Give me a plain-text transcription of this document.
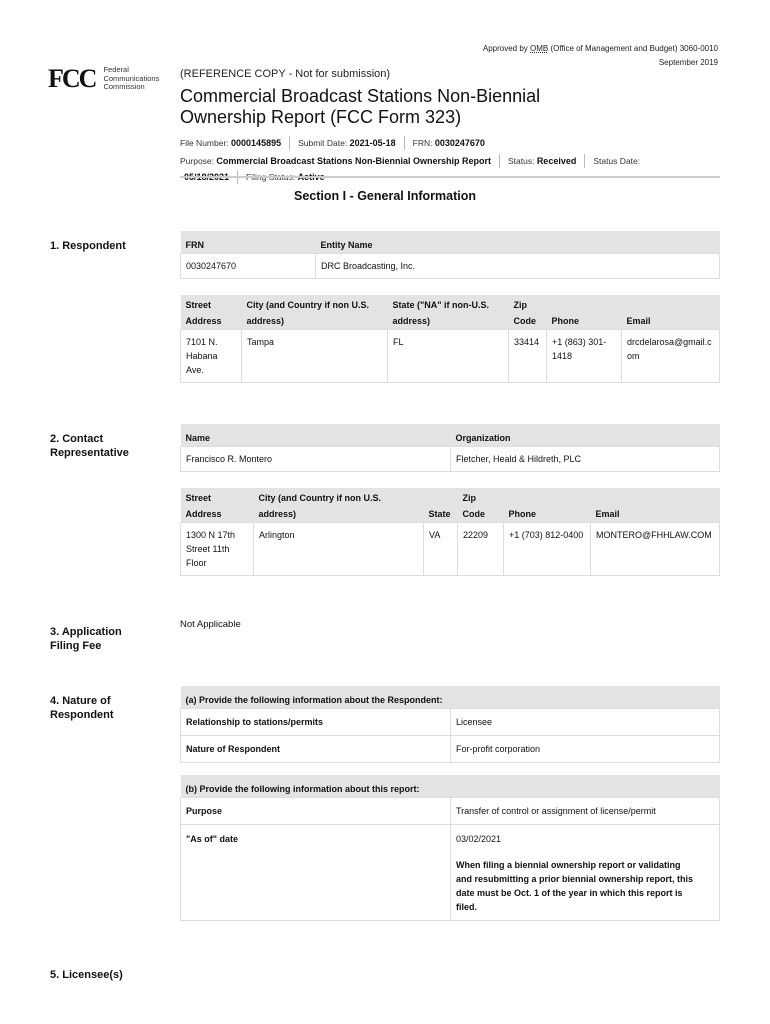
Approved by OMB (Office of Management and Budget) 3060-0010
September 2019
FCC Federal
Communications
Commission
(REFERENCE COPY - Not for submission)
Commercial Broadcast Stations Non-Biennial
Ownership Report (FCC Form 323)
File Number: 0000145895	Submit Date: 2021-05-18	FRN: 0030247670
Purpose: Commercial Broadcast Stations Non-Biennial Ownership Report	Status: Received	Status Date:
Section I - General Information
1. Respondent	FRN	Entity Name
0030247670	DRC Broadcasting, Inc.
Street Address	City (and Country if non U.S. address)	State ("NA" if non-U.S. address)	Zip Code	Phone	Email
7101 N. Habana Ave.	Tampa	FL	33414	+1 (863) 301-1418	drcdelarosa@gmail.com
2. Contact
Representative
Name	Organization
Francisco R. Montero	Fletcher, Heald & Hildreth, PLC
Street Address	City (and Country if non U.S. address)	State	Zip Code	Phone	Email
1300 N 17th Street 11th Floor	Arlington	VA	22209	+1 (703) 812-0400	MONTERO@FHHLAW.COM
3. Application
Filing Fee
Not Applicable
4. Nature of
Respondent
(a) Provide the following information about the Respondent:	
Relationship to stations/permits	Licensee
Nature of Respondent	For-profit corporation
(b) Provide the following information about this report:	
Purpose	Transfer of control or assignment of license/permit
"As of" date	03/02/2021
When filing a biennial ownership report or validating and resubmitting a prior biennial ownership report, this date must be Oct. 1 of the year in which this report is filed.
5. Licensee(s)
